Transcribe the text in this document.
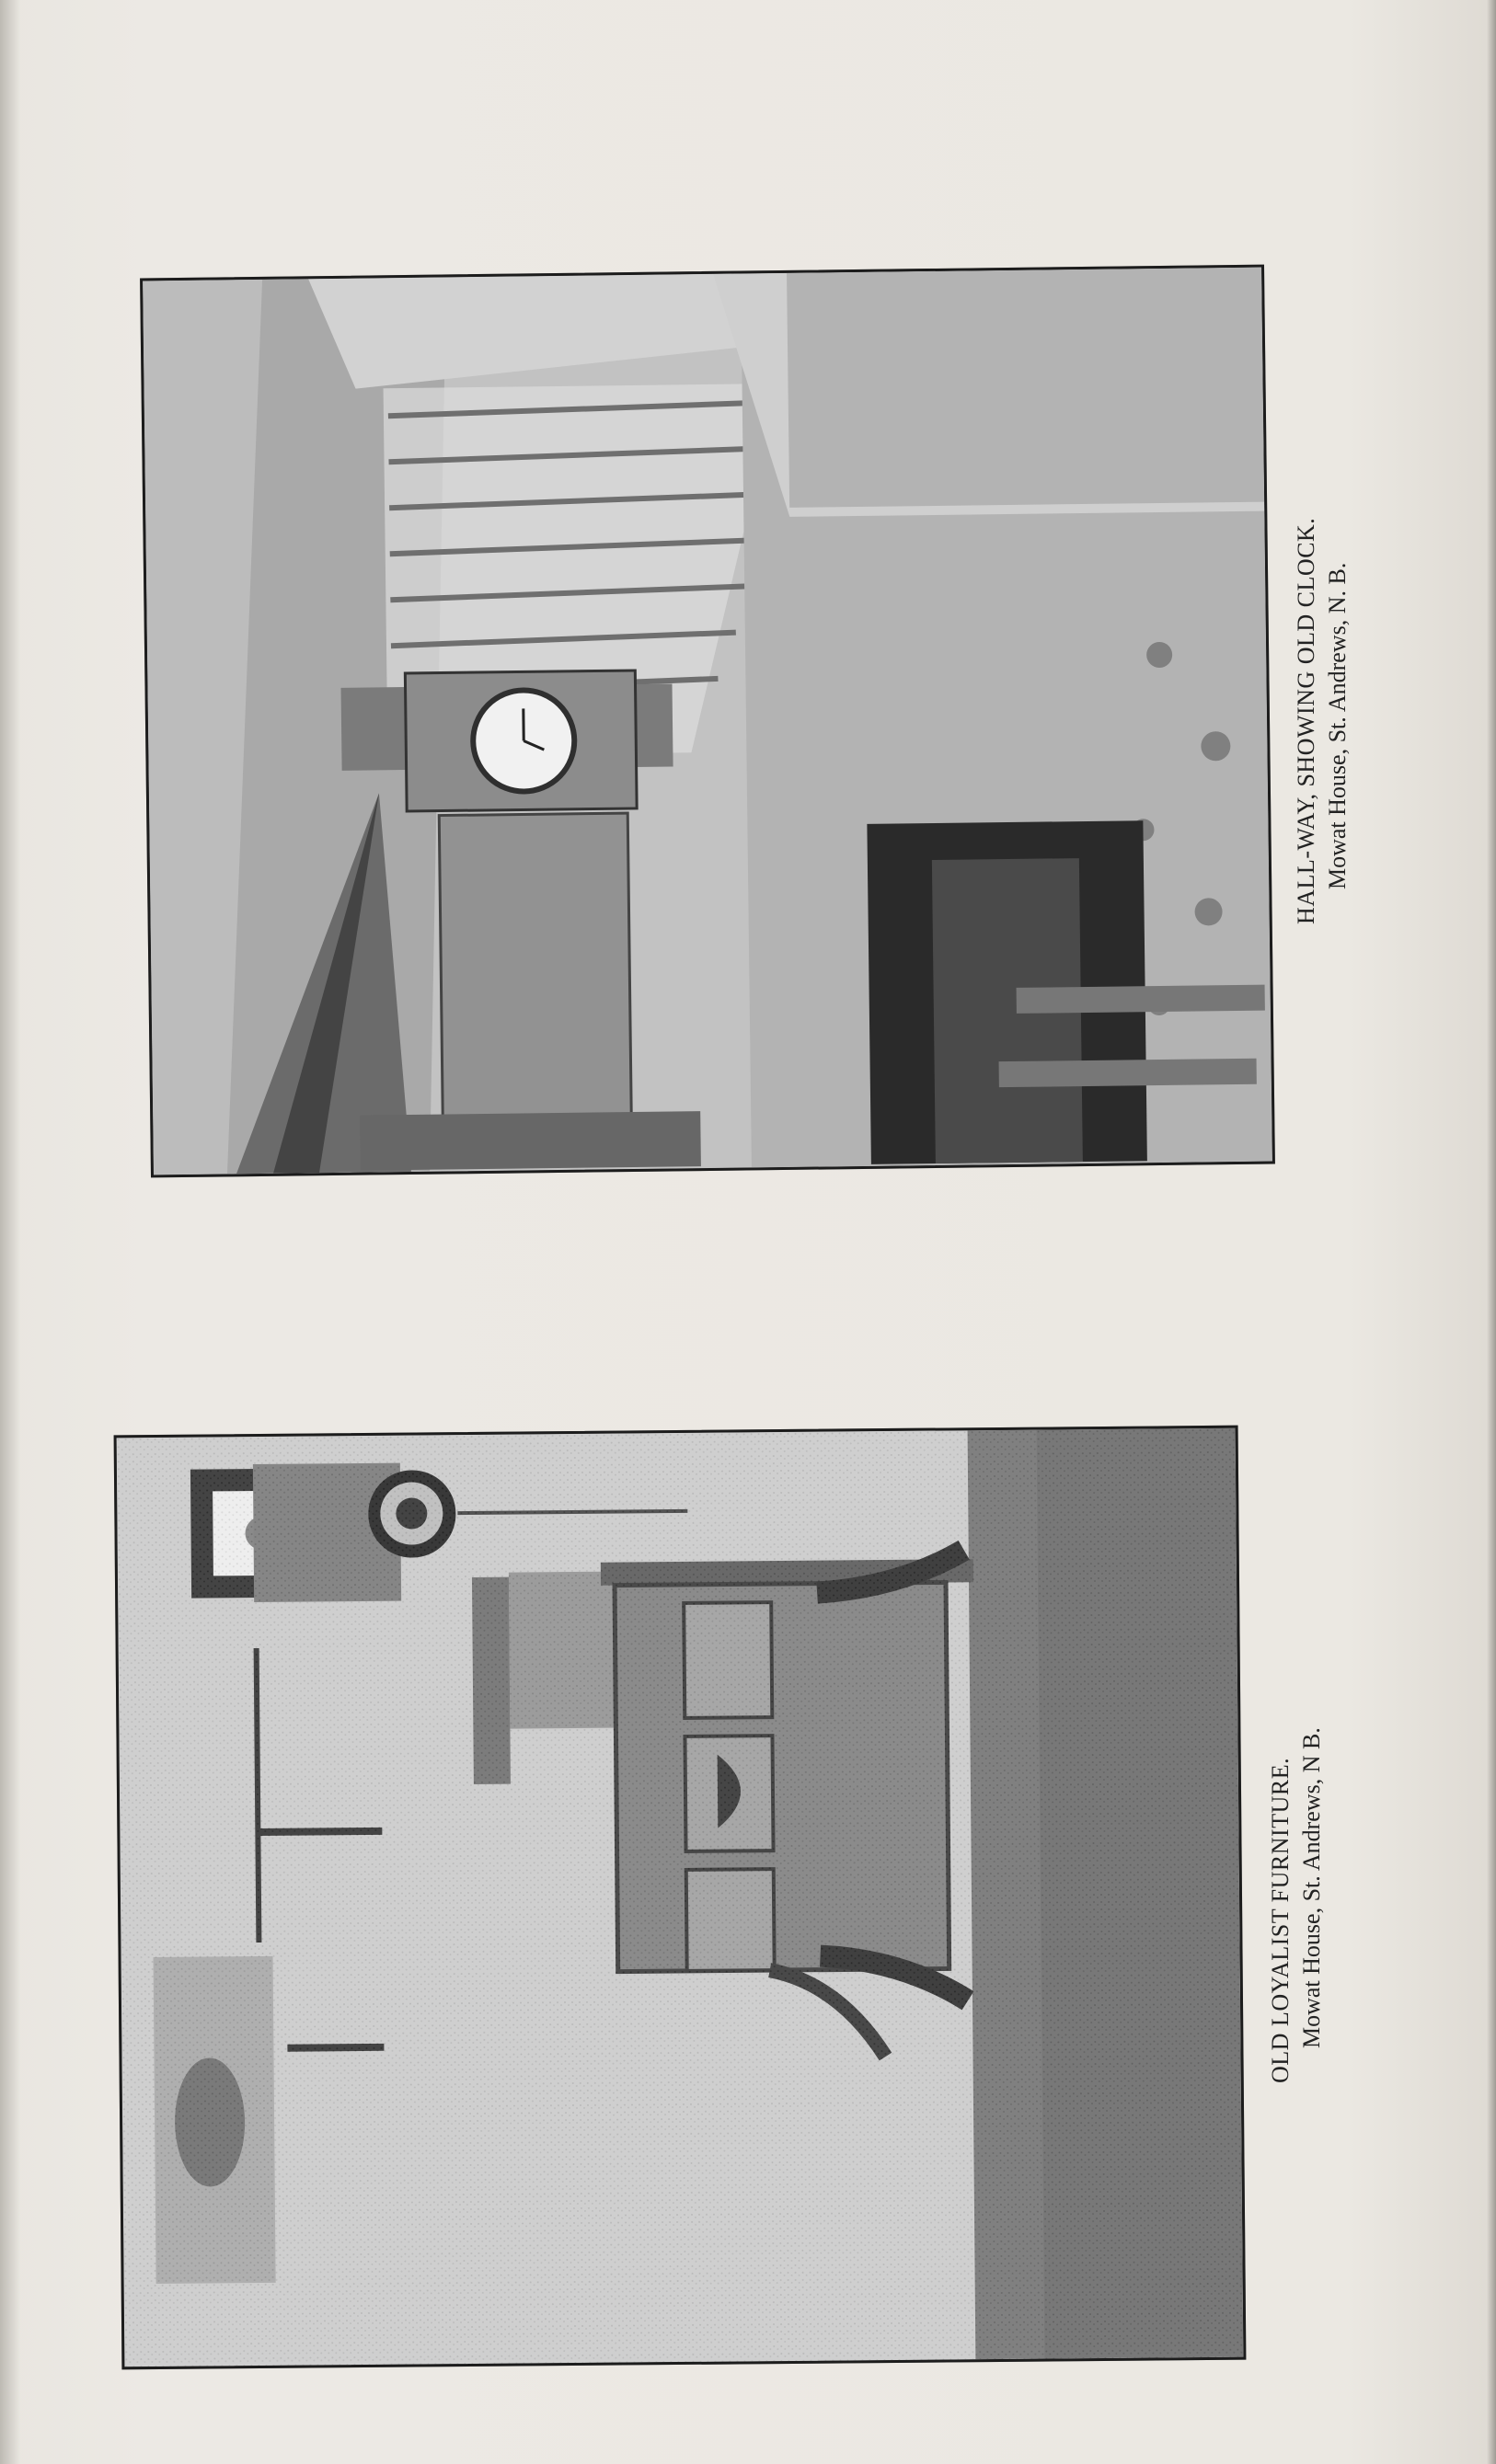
HALL-WAY, SHOWING OLD CLOCK. Mowat House, St. Andrews, N. B.
OLD LOYALIST FURNITURE. Mowat House, St. Andrews, N B.
